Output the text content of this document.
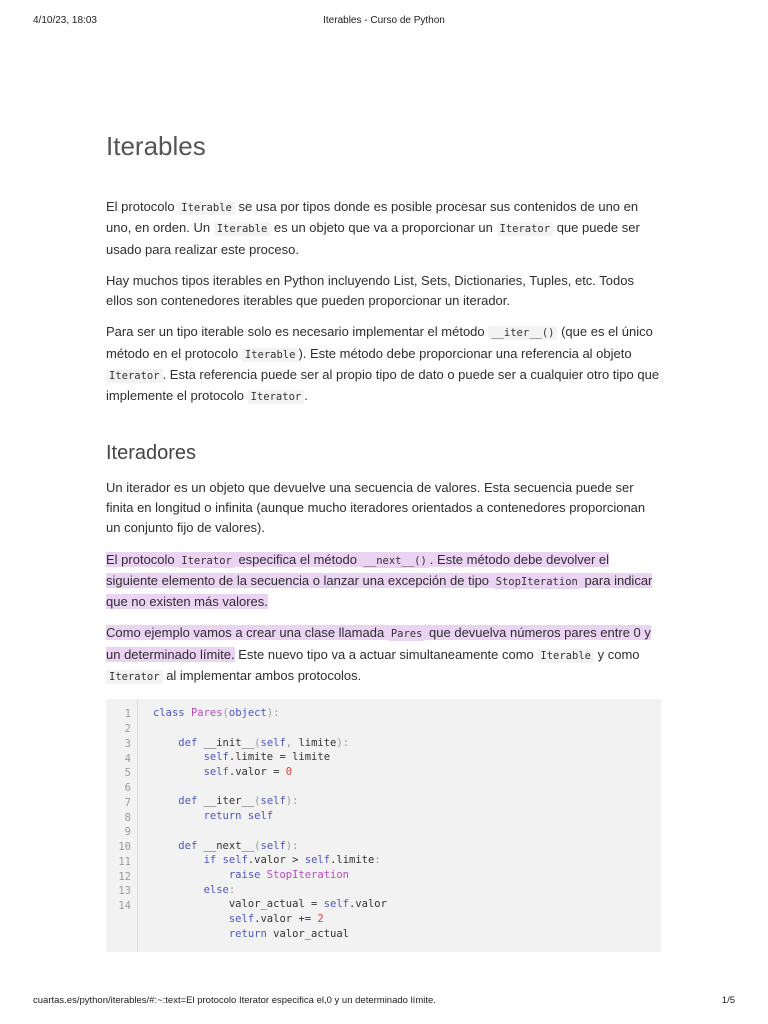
4/10/23, 18:03	Iterables - Curso de Python
Iterables

El protocolo Iterable se usa por tipos donde es posible procesar sus contenidos de uno en uno, en orden. Un Iterable es un objeto que va a proporcionar un Iterator que puede ser usado para realizar este proceso.

Hay muchos tipos iterables en Python incluyendo List, Sets, Dictionaries, Tuples, etc. Todos ellos son contenedores iterables que pueden proporcionar un iterador.

Para ser un tipo iterable solo es necesario implementar el método __iter__() (que es el único método en el protocolo Iterable ). Este método debe proporcionar una referencia al objeto Iterator . Esta referencia puede ser al propio tipo de dato o puede ser a cualquier otro tipo que implemente el protocolo Iterator .

Iteradores

Un iterador es un objeto que devuelve una secuencia de valores. Esta secuencia puede ser finita en longitud o infinita (aunque mucho iteradores orientados a contenedores proporcionan un conjunto fijo de valores).

El protocolo Iterator especifica el método __next__() . Este método debe devolver el siguiente elemento de la secuencia o lanzar una excepción de tipo StopIteration para indicar que no existen más valores.

Como ejemplo vamos a crear una clase llamada Pares que devuelva números pares entre 0 y un determinado límite. Este nuevo tipo va a actuar simultaneamente como Iterable y como Iterator al implementar ambos protocolos.

1
2
3
4
5
6
7
8
9
10
11
12
13
14
class Pares(object):
def __init__(self, limite):
self.limite = limite
self.valor = 0
def __iter__(self):
return self
def __next__(self):
if self.valor > self.limite:
raise StopIteration
else:
valor_actual = self.valor
self.valor += 2
return valor_actual
cuartas.es/python/iterables/#:~:text=El protocolo Iterator especifica el,0 y un determinado límite.	1/5
